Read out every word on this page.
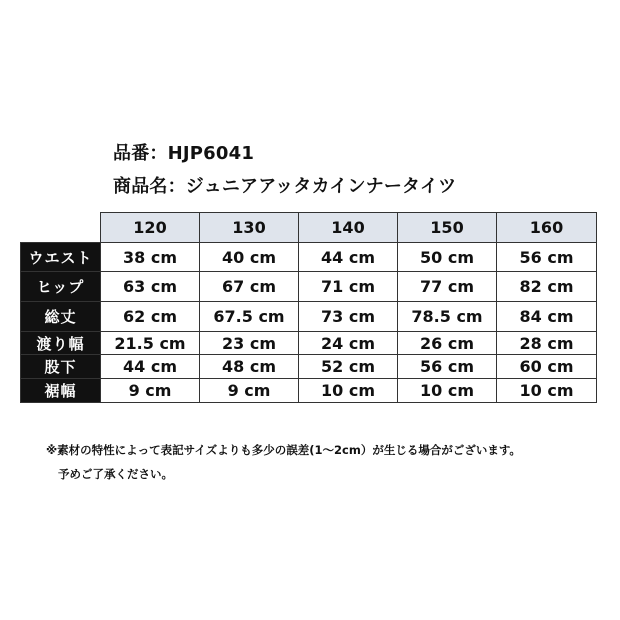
品番：HJP6041
商品名：ジュニアアッタカインナータイツ
	120	130	140	150	160
ウエスト	38 cm	40 cm	44 cm	50 cm	56 cm
ヒップ	63 cm	67 cm	71 cm	77 cm	82 cm
総丈	62 cm	67.5 cm	73 cm	78.5 cm	84 cm
渡り幅	21.5 cm	23 cm	24 cm	26 cm	28 cm
股下	44 cm	48 cm	52 cm	56 cm	60 cm
裾幅	9 cm	9 cm	10 cm	10 cm	10 cm
※素材の特性によって表記サイズよりも多少の誤差(1〜2cm）が生じる場合がございます。
予めご了承ください。
